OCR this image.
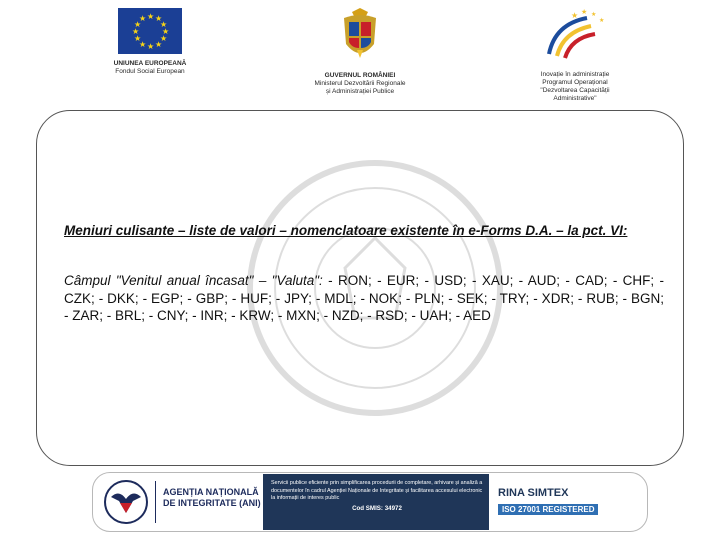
★ ★
★
★
★
★
★
★
★
★
★
★
UNIUNEA EUROPEANĂ
Fondul Social European
GUVERNUL ROMÂNIEI
Ministerul Dezvoltării Regionale
și Administrației Publice
★ ★ ★
★
Inovație în administrație
Programul Operațional
"Dezvoltarea Capacității
Administrative"
Meniuri culisante – liste de valori – nomenclatoare existente în e-Forms D.A. – la pct. VI:
Câmpul "Venitul anual încasat" – "Valuta": - RON; - EUR; - USD; - XAU; - AUD; - CAD; - CHF; - CZK; - DKK; - EGP; - GBP; - HUF; - JPY; - MDL; - NOK; - PLN; - SEK; - TRY; - XDR; - RUB; - BGN; - ZAR; - BRL; - CNY; - INR; - KRW; - MXN; - NZD; - RSD; - UAH; - AED
AGENȚIA NAȚIONALĂ
DE INTEGRITATE (ANI)
Servicii publice eficiente prin simplificarea procedurii de completare, arhivare și analiză a documentelor în cadrul Agenției Naționale de Integritate și facilitarea accesului electronic la informații de interes public
Cod SMIS: 34972
RINA SIMTEX
ISO 27001 REGISTERED
